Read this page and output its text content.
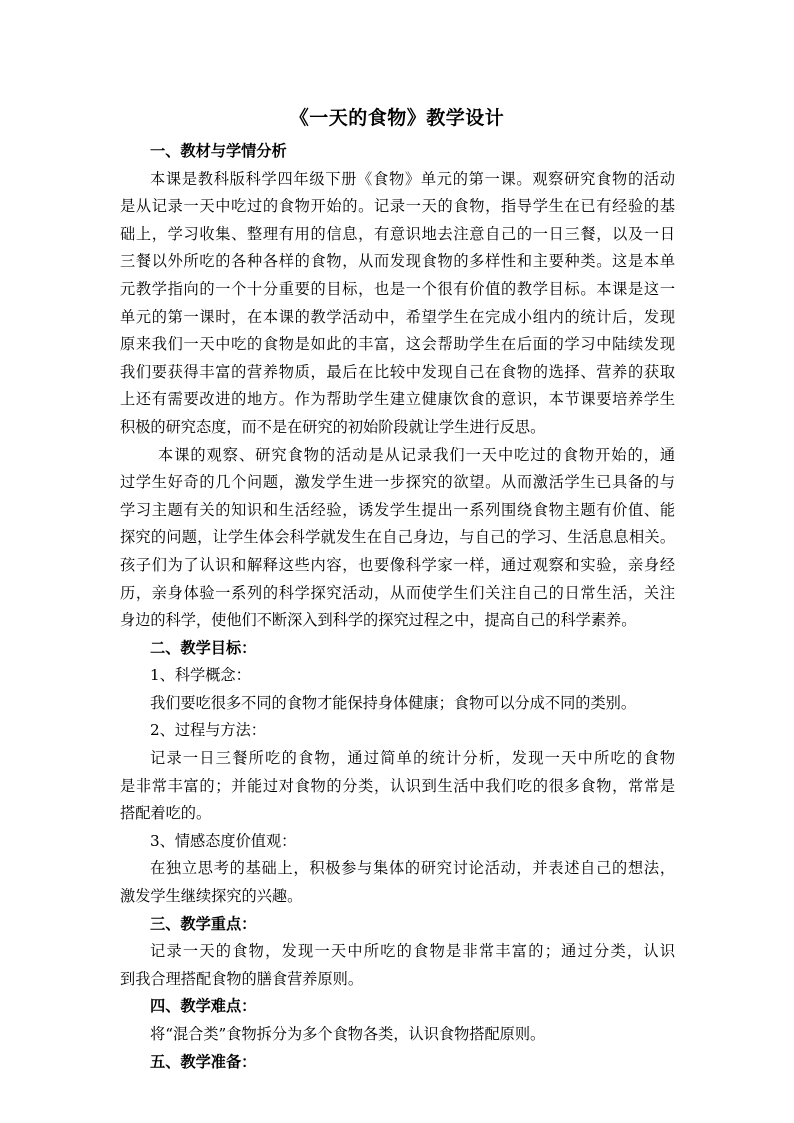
《一天的食物》教学设计
一、教材与学情分析
本课是教科版科学四年级下册《食物》单元的第一课。观察研究食物的活动
是从记录一天中吃过的食物开始的。记录一天的食物，指导学生在已有经验的基
础上，学习收集、整理有用的信息，有意识地去注意自己的一日三餐，以及一日
三餐以外所吃的各种各样的食物，从而发现食物的多样性和主要种类。这是本单
元教学指向的一个十分重要的目标，也是一个很有价值的教学目标。本课是这一
单元的第一课时，在本课的教学活动中，希望学生在完成小组内的统计后，发现
原来我们一天中吃的食物是如此的丰富，这会帮助学生在后面的学习中陆续发现
我们要获得丰富的营养物质，最后在比较中发现自己在食物的选择、营养的获取
上还有需要改进的地方。作为帮助学生建立健康饮食的意识，本节课要培养学生
积极的研究态度，而不是在研究的初始阶段就让学生进行反思。
本课的观察、研究食物的活动是从记录我们一天中吃过的食物开始的，通
过学生好奇的几个问题，激发学生进一步探究的欲望。从而激活学生已具备的与
学习主题有关的知识和生活经验，诱发学生提出一系列围绕食物主题有价值、能
探究的问题，让学生体会科学就发生在自己身边，与自己的学习、生活息息相关。
孩子们为了认识和解释这些内容，也要像科学家一样，通过观察和实验，亲身经
历，亲身体验一系列的科学探究活动，从而使学生们关注自己的日常生活，关注
身边的科学，使他们不断深入到科学的探究过程之中，提高自己的科学素养。
二、教学目标：
1、科学概念：
我们要吃很多不同的食物才能保持身体健康；食物可以分成不同的类别。
2、过程与方法：
记录一日三餐所吃的食物，通过简单的统计分析，发现一天中所吃的食物
是非常丰富的；并能过对食物的分类，认识到生活中我们吃的很多食物，常常是
搭配着吃的。
3、情感态度价值观：
在独立思考的基础上，积极参与集体的研究讨论活动，并表述自己的想法，
激发学生继续探究的兴趣。
三、教学重点：
记录一天的食物，发现一天中所吃的食物是非常丰富的；通过分类，认识
到我合理搭配食物的膳食营养原则。
四、教学难点：
将“混合类”食物拆分为多个食物各类，认识食物搭配原则。
五、教学准备：
